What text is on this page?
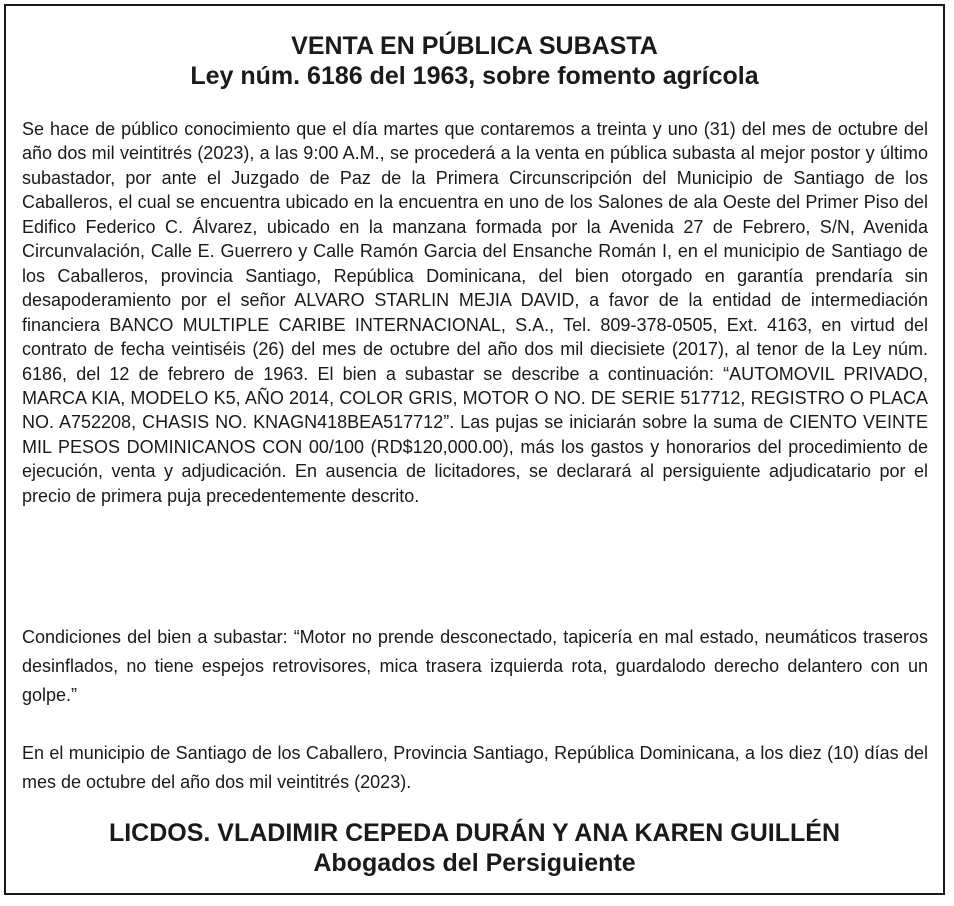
VENTA EN PÚBLICA SUBASTA
Ley núm. 6186 del 1963, sobre fomento agrícola
Se hace de público conocimiento que el día martes que contaremos a treinta y uno (31) del mes de octubre del año dos mil veintitrés (2023), a las 9:00 A.M., se procederá a la venta en pública subasta al mejor postor y último subastador, por ante el Juzgado de Paz de la Primera Circunscripción del Municipio de Santiago de los Caballeros, el cual se encuentra ubicado en la encuentra en uno de los Salones de ala Oeste del Primer Piso del Edifico Federico C. Álvarez, ubicado en la manzana formada por la Avenida 27 de Febrero, S/N, Avenida Circunvalación, Calle E. Guerrero y Calle Ramón Garcia del Ensanche Román I, en el municipio de Santiago de los Caballeros, provincia Santiago, República Dominicana, del bien otorgado en garantía prendaría sin desapoderamiento por el señor ALVARO STARLIN MEJIA DAVID, a favor de la entidad de intermediación financiera BANCO MULTIPLE CARIBE INTERNACIONAL, S.A., Tel. 809-378-0505, Ext. 4163, en virtud del contrato de fecha veintiséis (26) del mes de octubre del año dos mil diecisiete (2017), al tenor de la Ley núm. 6186, del 12 de febrero de 1963. El bien a subastar se describe a continuación: “AUTOMOVIL PRIVADO, MARCA KIA, MODELO K5, AÑO 2014, COLOR GRIS, MOTOR O NO. DE SERIE 517712, REGISTRO O PLACA NO. A752208, CHASIS NO. KNAGN418BEA517712”. Las pujas se iniciarán sobre la suma de CIENTO VEINTE MIL PESOS DOMINICANOS CON 00/100 (RD$120,000.00), más los gastos y honorarios del procedimiento de ejecución, venta y adjudicación. En ausencia de licitadores, se declarará al persiguiente adjudicatario por el precio de primera puja precedentemente descrito.
Condiciones del bien a subastar: “Motor no prende desconectado, tapicería en mal estado, neumáticos traseros desinflados, no tiene espejos retrovisores, mica trasera izquierda rota, guardalodo derecho delantero con un golpe.”
En el municipio de Santiago de los Caballero, Provincia Santiago, República Dominicana, a los diez (10) días del mes de octubre del año dos mil veintitrés (2023).
LICDOS. VLADIMIR CEPEDA DURÁN Y ANA KAREN GUILLÉN
Abogados del Persiguiente
